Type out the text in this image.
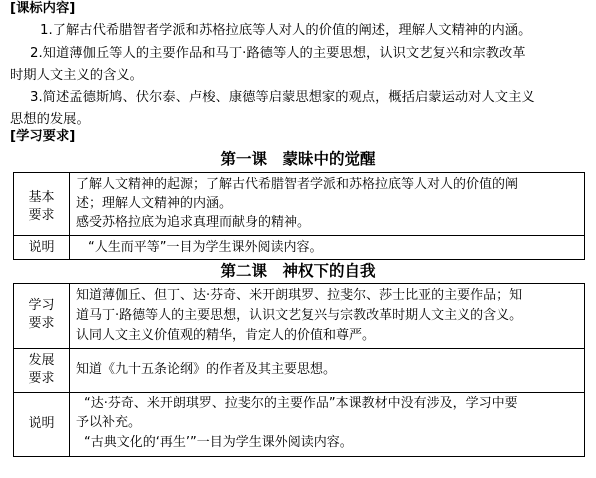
[课标内容]
1.了解古代希腊智者学派和苏格拉底等人对人的价值的阐述，理解人文精神的内涵。
2.知道薄伽丘等人的主要作品和马丁·路德等人的主要思想，认识文艺复兴和宗教改革
时期人文主义的含义。
3.简述孟德斯鸠、伏尔泰、卢梭、康德等启蒙思想家的观点，概括启蒙运动对人文主义
思想的发展。
[学习要求]
第一课　蒙昧中的觉醒
基本
要求
了解人文精神的起源；了解古代希腊智者学派和苏格拉底等人对人的价值的阐
述；理解人文精神的内涵。
感受苏格拉底为追求真理而献身的精神。
说明	“人生而平等”一目为学生课外阅读内容。
第二课　神权下的自我
学习
要求
知道薄伽丘、但丁、达·芬奇、米开朗琪罗、拉斐尔、莎士比亚的主要作品；知
道马丁·路德等人的主要思想，认识文艺复兴与宗教改革时期人文主义的含义。
认同人文主义价值观的精华，肯定人的价值和尊严。
发展
要求
知道《九十五条论纲》的作者及其主要思想。
说明
“达·芬奇、米开朗琪罗、拉斐尔的主要作品”本课教材中没有涉及，学习中要
予以补充。
“古典文化的‘再生’”一目为学生课外阅读内容。
